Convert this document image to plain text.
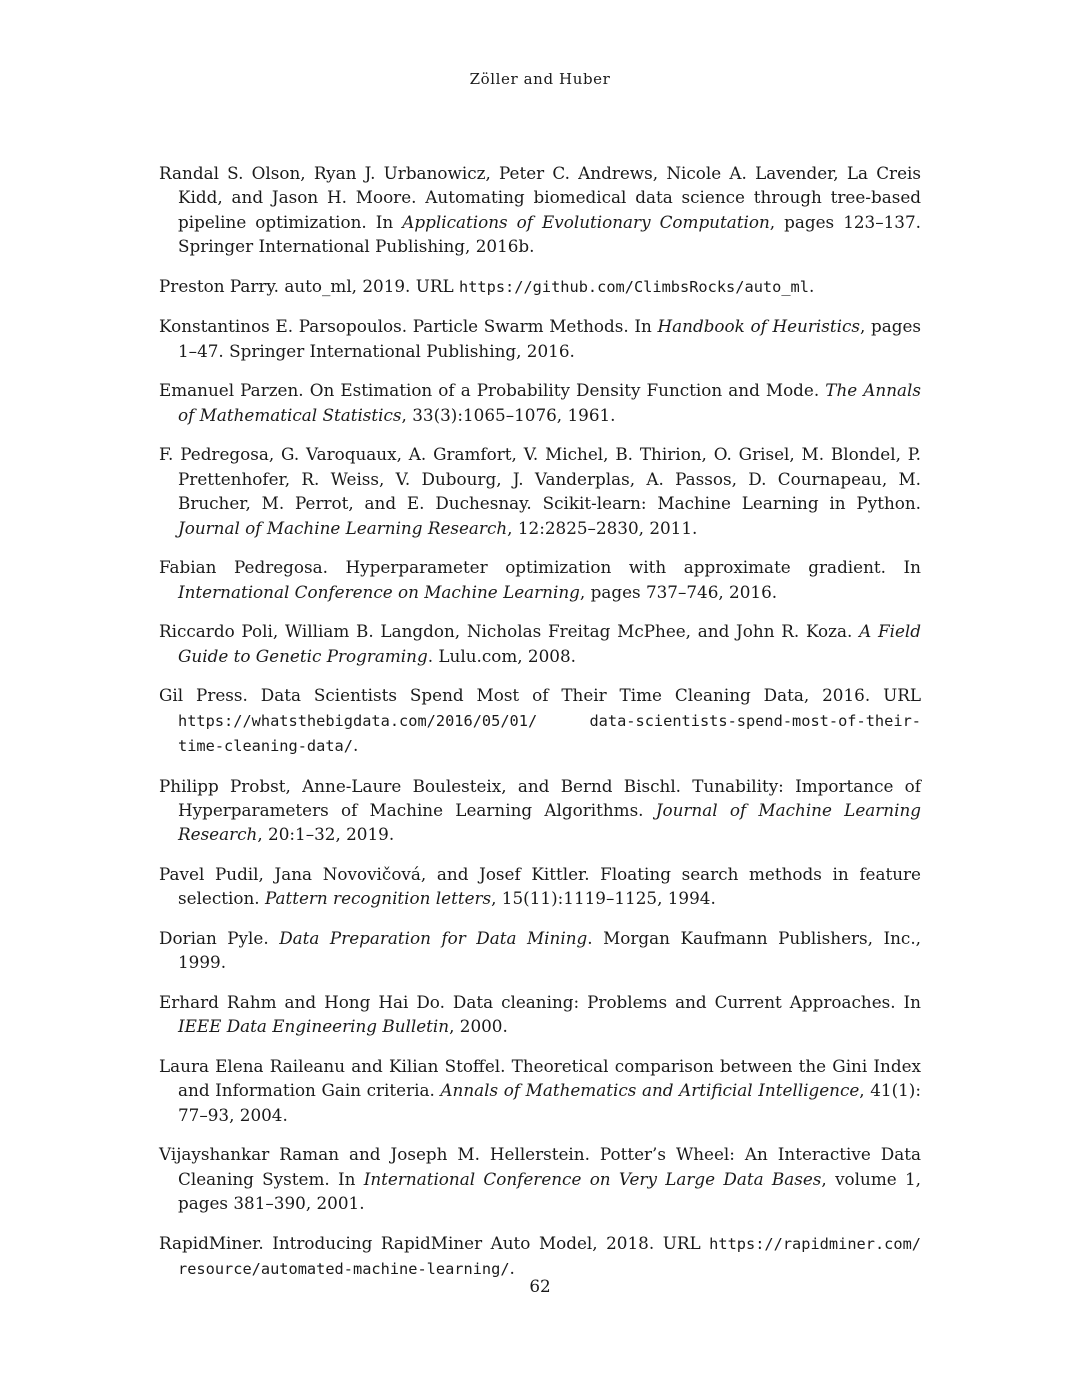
Zöller and Huber

Randal S. Olson, Ryan J. Urbanowicz, Peter C. Andrews, Nicole A. Lavender, La Creis Kidd, and Jason H. Moore. Automating biomedical data science through tree-based pipeline optimization. In Applications of Evolutionary Computation, pages 123–137. Springer International Publishing, 2016b.

Preston Parry. auto_ml, 2019. URL https://github.com/ClimbsRocks/auto_ml.

Konstantinos E. Parsopoulos. Particle Swarm Methods. In Handbook of Heuristics, pages 1–47. Springer International Publishing, 2016.

Emanuel Parzen. On Estimation of a Probability Density Function and Mode. The Annals of Mathematical Statistics, 33(3):1065–1076, 1961.

F. Pedregosa, G. Varoquaux, A. Gramfort, V. Michel, B. Thirion, O. Grisel, M. Blondel, P. Prettenhofer, R. Weiss, V. Dubourg, J. Vanderplas, A. Passos, D. Cournapeau, M. Brucher, M. Perrot, and E. Duchesnay. Scikit-learn: Machine Learning in Python. Journal of Machine Learning Research, 12:2825–2830, 2011.

Fabian Pedregosa. Hyperparameter optimization with approximate gradient. In International Conference on Machine Learning, pages 737–746, 2016.

Riccardo Poli, William B. Langdon, Nicholas Freitag McPhee, and John R. Koza. A Field Guide to Genetic Programing. Lulu.com, 2008.

Gil Press. Data Scientists Spend Most of Their Time Cleaning Data, 2016. URL https://whatsthebigdata.com/2016/05/01/ data-scientists-spend-most-of-their-time-cleaning-data/.

Philipp Probst, Anne-Laure Boulesteix, and Bernd Bischl. Tunability: Importance of Hyperparameters of Machine Learning Algorithms. Journal of Machine Learning Research, 20:1–32, 2019.

Pavel Pudil, Jana Novovičová, and Josef Kittler. Floating search methods in feature selection. Pattern recognition letters, 15(11):1119–1125, 1994.

Dorian Pyle. Data Preparation for Data Mining. Morgan Kaufmann Publishers, Inc., 1999.

Erhard Rahm and Hong Hai Do. Data cleaning: Problems and Current Approaches. In IEEE Data Engineering Bulletin, 2000.

Laura Elena Raileanu and Kilian Stoffel. Theoretical comparison between the Gini Index and Information Gain criteria. Annals of Mathematics and Artificial Intelligence, 41(1): 77–93, 2004.

Vijayshankar Raman and Joseph M. Hellerstein. Potter’s Wheel: An Interactive Data Cleaning System. In International Conference on Very Large Data Bases, volume 1, pages 381–390, 2001.

RapidMiner. Introducing RapidMiner Auto Model, 2018. URL https://rapidminer.com/ resource/automated-machine-learning/.

62
